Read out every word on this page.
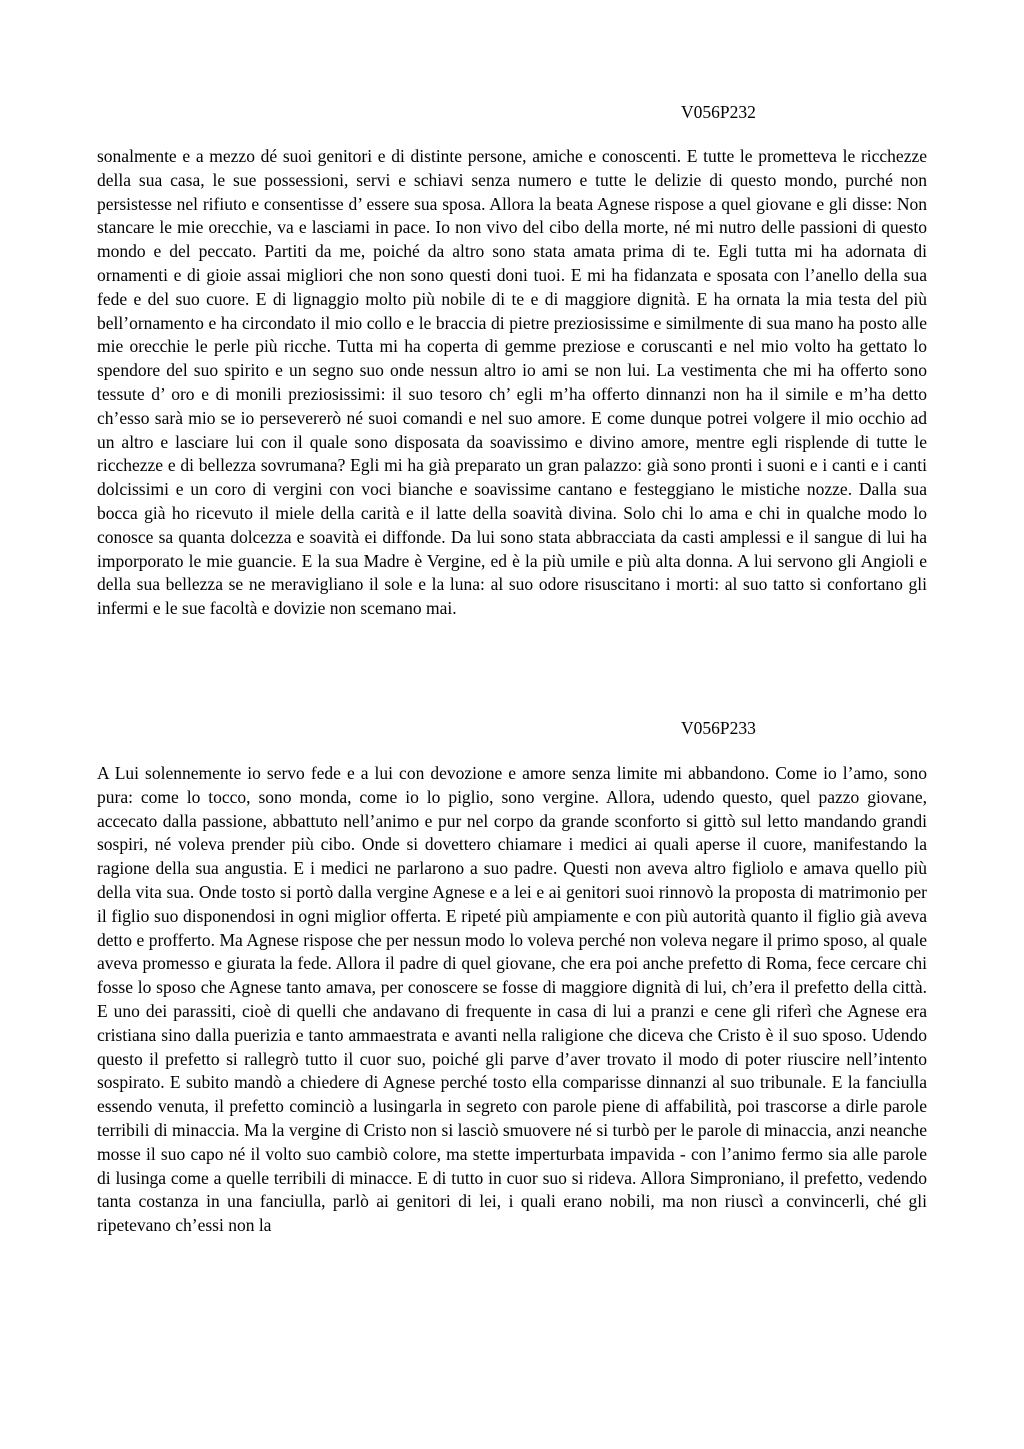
V056P232
sonalmente e a mezzo dé suoi genitori e di distinte persone, amiche e conoscenti. E tutte le prometteva le ricchezze della sua casa, le sue possessioni, servi e schiavi senza numero e tutte le delizie di questo mondo, purché non persistesse nel rifiuto e consentisse d’ essere sua sposa. Allora la beata Agnese rispose a quel giovane e gli disse: Non stancare le mie orecchie, va e lasciami in pace. Io non vivo del cibo della morte, né mi nutro delle passioni di questo mondo e del peccato. Partiti da me, poiché da altro sono stata amata prima di te. Egli tutta mi ha adornata di ornamenti e di gioie assai migliori che non sono questi doni tuoi. E mi ha fidanzata e sposata con l’anello della sua fede e del suo cuore. E di lignaggio molto più nobile di te e di maggiore dignità. E ha ornata la mia testa del più bell’ornamento e ha circondato il mio collo e le braccia di pietre preziosissime e similmente di sua mano ha posto alle mie orecchie le perle più ricche. Tutta mi ha coperta di gemme preziose e coruscanti e nel mio volto ha gettato lo spendore del suo spirito e un segno suo onde nessun altro io ami se non lui. La vestimenta che mi ha offerto sono tessute d’ oro e di monili preziosissimi: il suo tesoro ch’ egli m’ha offerto dinnanzi non ha il simile e m’ha detto ch’esso sarà mio se io persevererò né suoi comandi e nel suo amore. E come dunque potrei volgere il mio occhio ad un altro e lasciare lui con il quale sono disposata da soavissimo e divino amore, mentre egli risplende di tutte le ricchezze e di bellezza sovrumana? Egli mi ha già preparato un gran palazzo: già sono pronti i suoni e i canti e i canti dolcissimi e un coro di vergini con voci bianche e soavissime cantano e festeggiano le mistiche nozze. Dalla sua bocca già ho ricevuto il miele della carità e il latte della soavità divina. Solo chi lo ama e chi in qualche modo lo conosce sa quanta dolcezza e soavità ei diffonde. Da lui sono stata abbracciata da casti amplessi e il sangue di lui ha imporporato le mie guancie. E la sua Madre è Vergine, ed è la più umile e più alta donna. A lui servono gli Angioli e della sua bellezza se ne meravigliano il sole e la luna: al suo odore risuscitano i morti: al suo tatto si confortano gli infermi e le sue facoltà e dovizie non scemano mai.
V056P233
A Lui solennemente io servo fede e a lui con devozione e amore senza limite mi abbandono. Come io l’amo, sono pura: come lo tocco, sono monda, come io lo piglio, sono vergine. Allora, udendo questo, quel pazzo giovane, accecato dalla passione, abbattuto nell’animo e pur nel corpo da grande sconforto si gittò sul letto mandando grandi sospiri, né voleva prender più cibo. Onde si dovettero chiamare i medici ai quali aperse il cuore, manifestando la ragione della sua angustia. E i medici ne parlarono a suo padre. Questi non aveva altro figliolo e amava quello più della vita sua. Onde tosto si portò dalla vergine Agnese e a lei e ai genitori suoi rinnovò la proposta di matrimonio per il figlio suo disponendosi in ogni miglior offerta. E ripeté più ampiamente e con più autorità quanto il figlio già aveva detto e profferto. Ma Agnese rispose che per nessun modo lo voleva perché non voleva negare il primo sposo, al quale aveva promesso e giurata la fede. Allora il padre di quel giovane, che era poi anche prefetto di Roma, fece cercare chi fosse lo sposo che Agnese tanto amava, per conoscere se fosse di maggiore dignità di lui, ch’era il prefetto della città. E uno dei parassiti, cioè di quelli che andavano di frequente in casa di lui a pranzi e cene gli riferì che Agnese era cristiana sino dalla puerizia e tanto ammaestrata e avanti nella raligione che diceva che Cristo è il suo sposo. Udendo questo il prefetto si rallegrò tutto il cuor suo, poiché gli parve d’aver trovato il modo di poter riuscire nell’intento sospirato. E subito mandò a chiedere di Agnese perché tosto ella comparisse dinnanzi al suo tribunale. E la fanciulla essendo venuta, il prefetto cominciò a lusingarla in segreto con parole piene di affabilità, poi trascorse a dirle parole terribili di minaccia. Ma la vergine di Cristo non si lasciò smuovere né si turbò per le parole di minaccia, anzi neanche mosse il suo capo né il volto suo cambiò colore, ma stette imperturbata impavida - con l’animo fermo sia alle parole di lusinga come a quelle terribili di minacce. E di tutto in cuor suo si rideva. Allora Simproniano, il prefetto, vedendo tanta costanza in una fanciulla, parlò ai genitori di lei, i quali erano nobili, ma non riuscì a convincerli, ché gli ripetevano ch’essi non la
